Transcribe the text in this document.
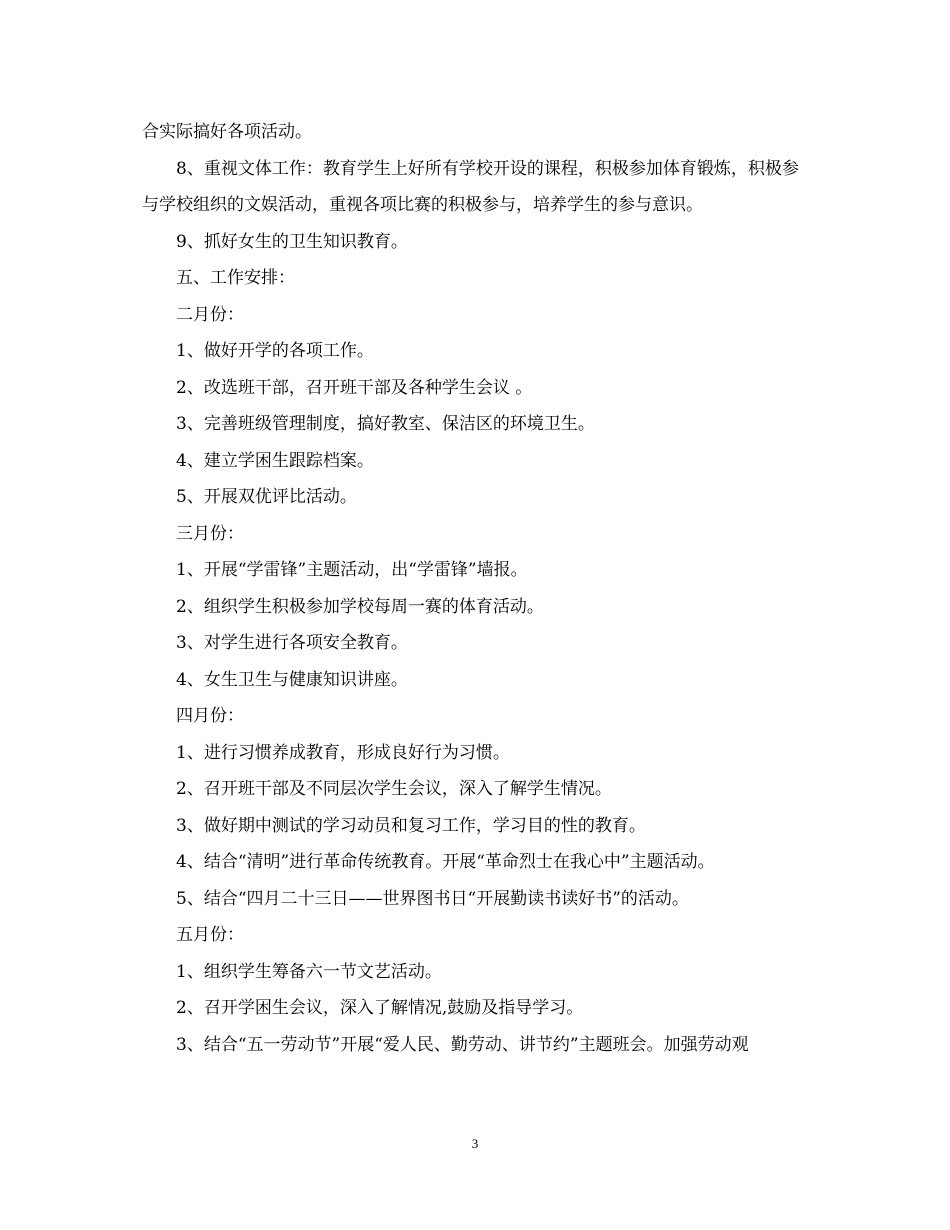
合实际搞好各项活动。

8、重视文体工作：教育学生上好所有学校开设的课程，积极参加体育锻炼，积极参与学校组织的文娱活动，重视各项比赛的积极参与，培养学生的参与意识。

9、抓好女生的卫生知识教育。

五、工作安排：

二月份：

1、做好开学的各项工作。

2、改选班干部，召开班干部及各种学生会议 。

3、完善班级管理制度，搞好教室、保洁区的环境卫生。

4、建立学困生跟踪档案。

5、开展双优评比活动。

三月份：

1、开展“学雷锋”主题活动，出“学雷锋”墙报。

2、组织学生积极参加学校每周一赛的体育活动。

3、对学生进行各项安全教育。

4、女生卫生与健康知识讲座。

四月份：

1、进行习惯养成教育，形成良好行为习惯。

2、召开班干部及不同层次学生会议，深入了解学生情况。

3、做好期中测试的学习动员和复习工作，学习目的性的教育。

4、结合“清明”进行革命传统教育。开展“革命烈士在我心中”主题活动。

5、结合“四月二十三日——世界图书日“开展勤读书读好书”的活动。

五月份：

1、组织学生筹备六一节文艺活动。

2、召开学困生会议，深入了解情况,鼓励及指导学习。

3、结合“五一劳动节”开展“爱人民、勤劳动、讲节约”主题班会。加强劳动观

3
